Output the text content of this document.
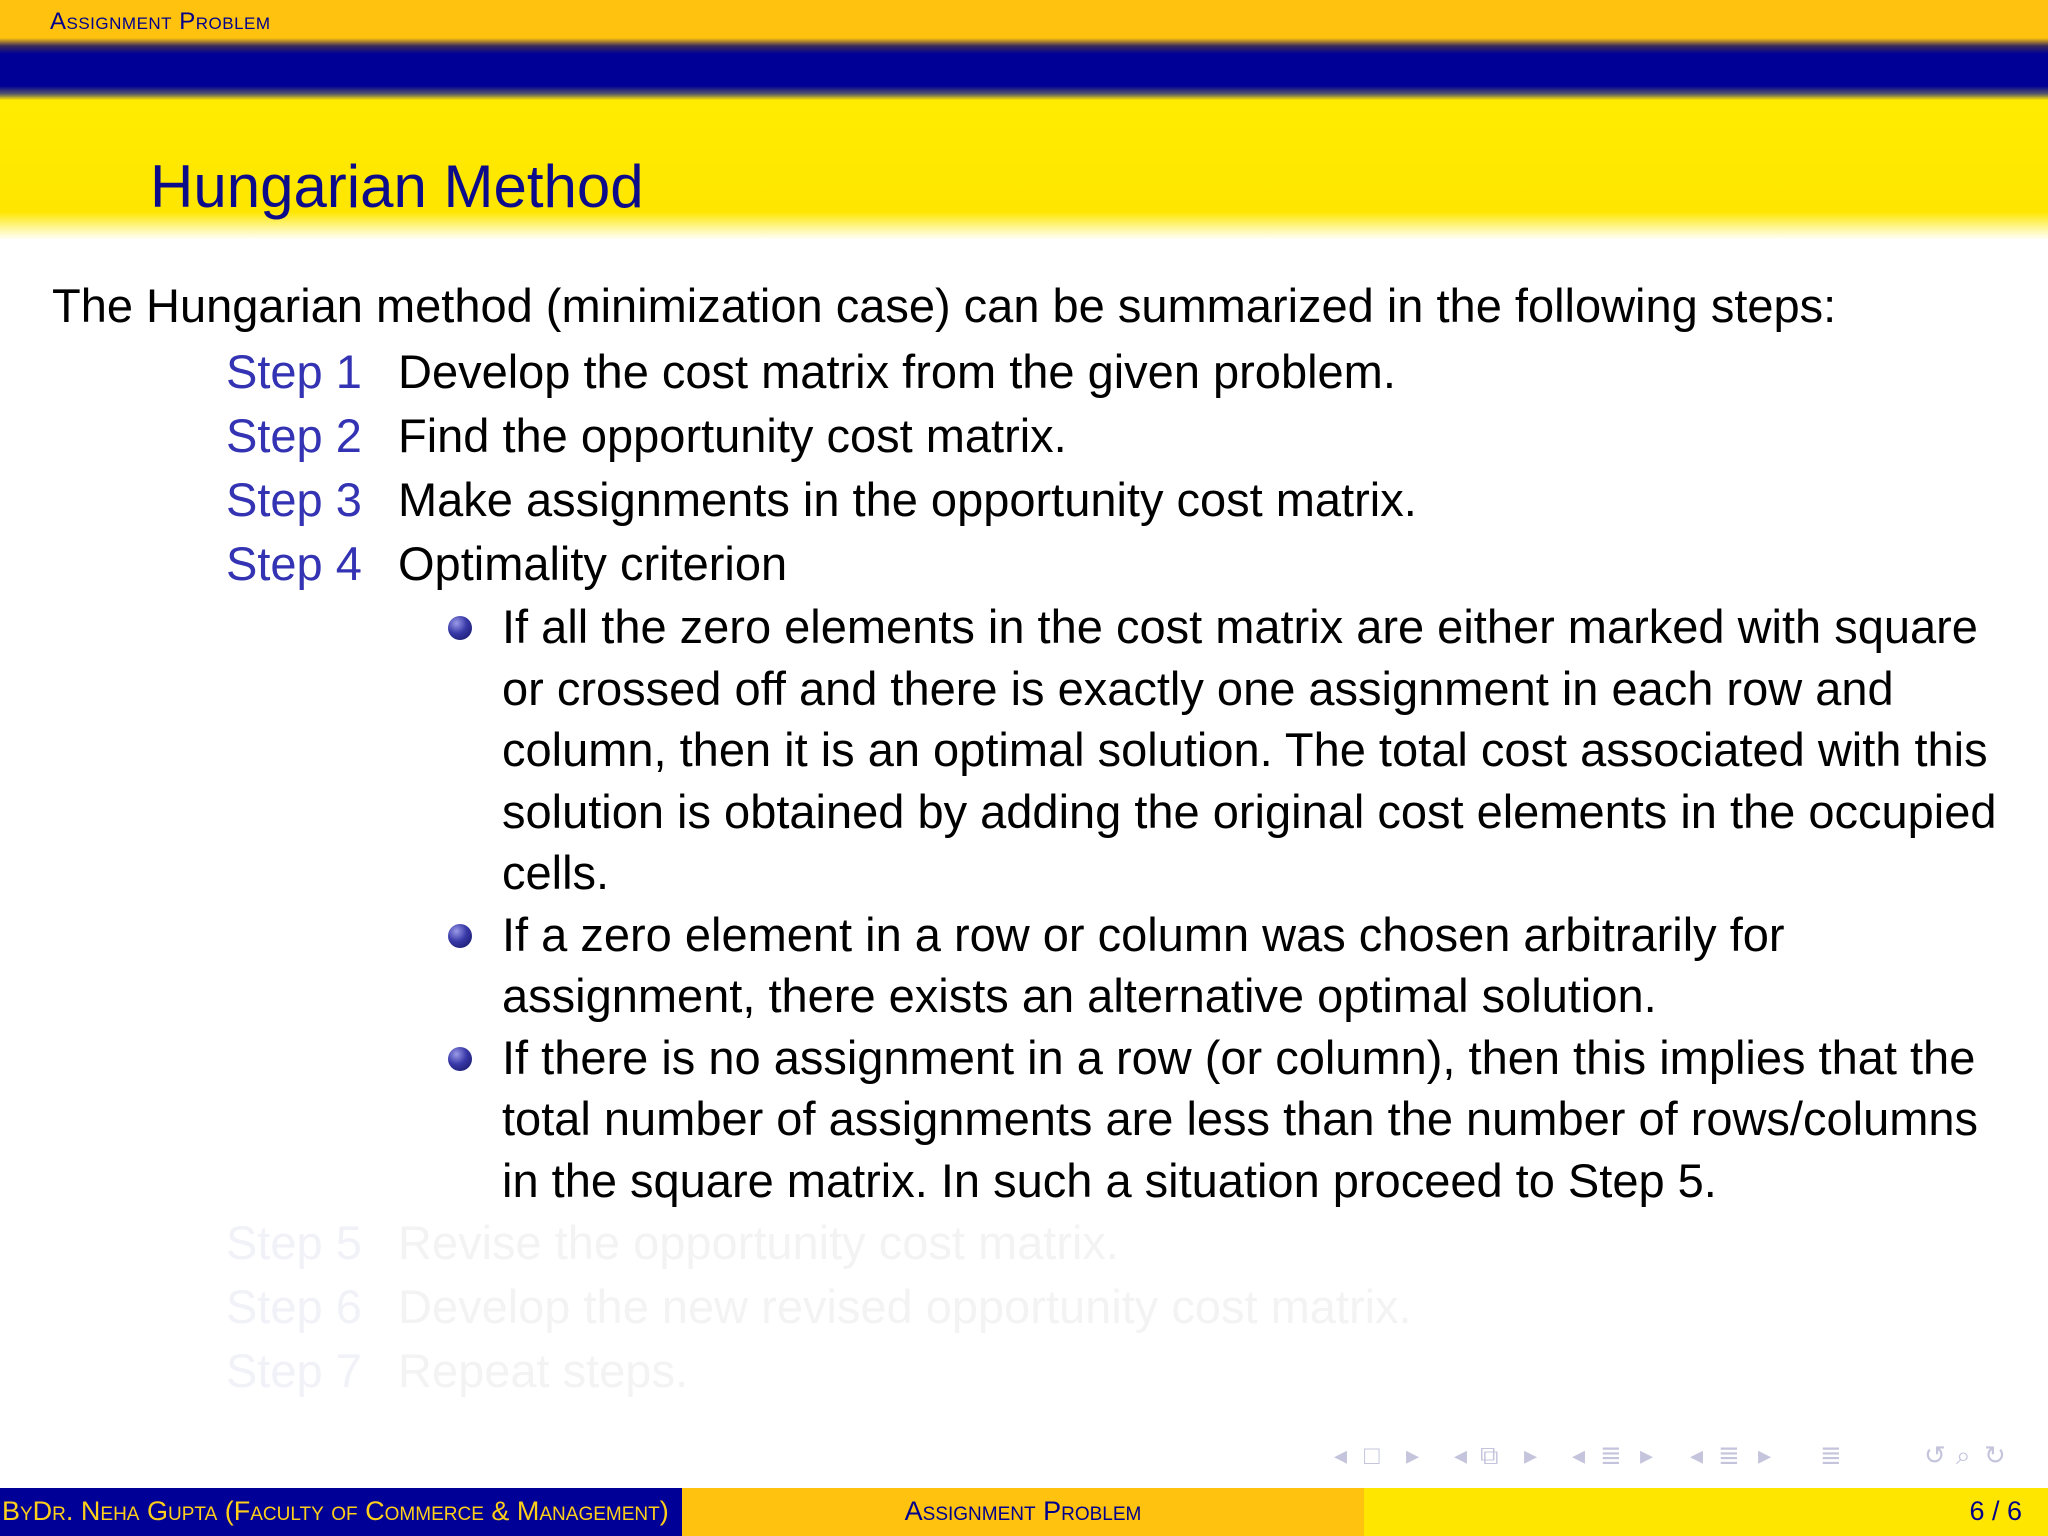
Assignment Problem
Hungarian Method
The Hungarian method (minimization case) can be summarized in the following steps:
Step 1 Develop the cost matrix from the given problem.
Step 2 Find the opportunity cost matrix.
Step 3 Make assignments in the opportunity cost matrix.
Step 4 Optimality criterion
If all the zero elements in the cost matrix are either marked with square or crossed off and there is exactly one assignment in each row and column, then it is an optimal solution. The total cost associated with this solution is obtained by adding the original cost elements in the occupied cells.
If a zero element in a row or column was chosen arbitrarily for assignment, there exists an alternative optimal solution.
If there is no assignment in a row (or column), then this implies that the total number of assignments are less than the number of rows/columns in the square matrix. In such a situation proceed to Step 5.
Step 5 Revise the opportunity cost matrix.
Step 6 Develop the new revised opportunity cost matrix.
Step 7 Repeat steps.
◂ □ ▸ ◂ ⧉ ▸ ◂ ≣ ▸ ◂ ≣ ▸ ≣	↺ ⌕ ↻
ByDr. Neha Gupta (Faculty of Commerce & Management)	Assignment Problem	6 / 6
